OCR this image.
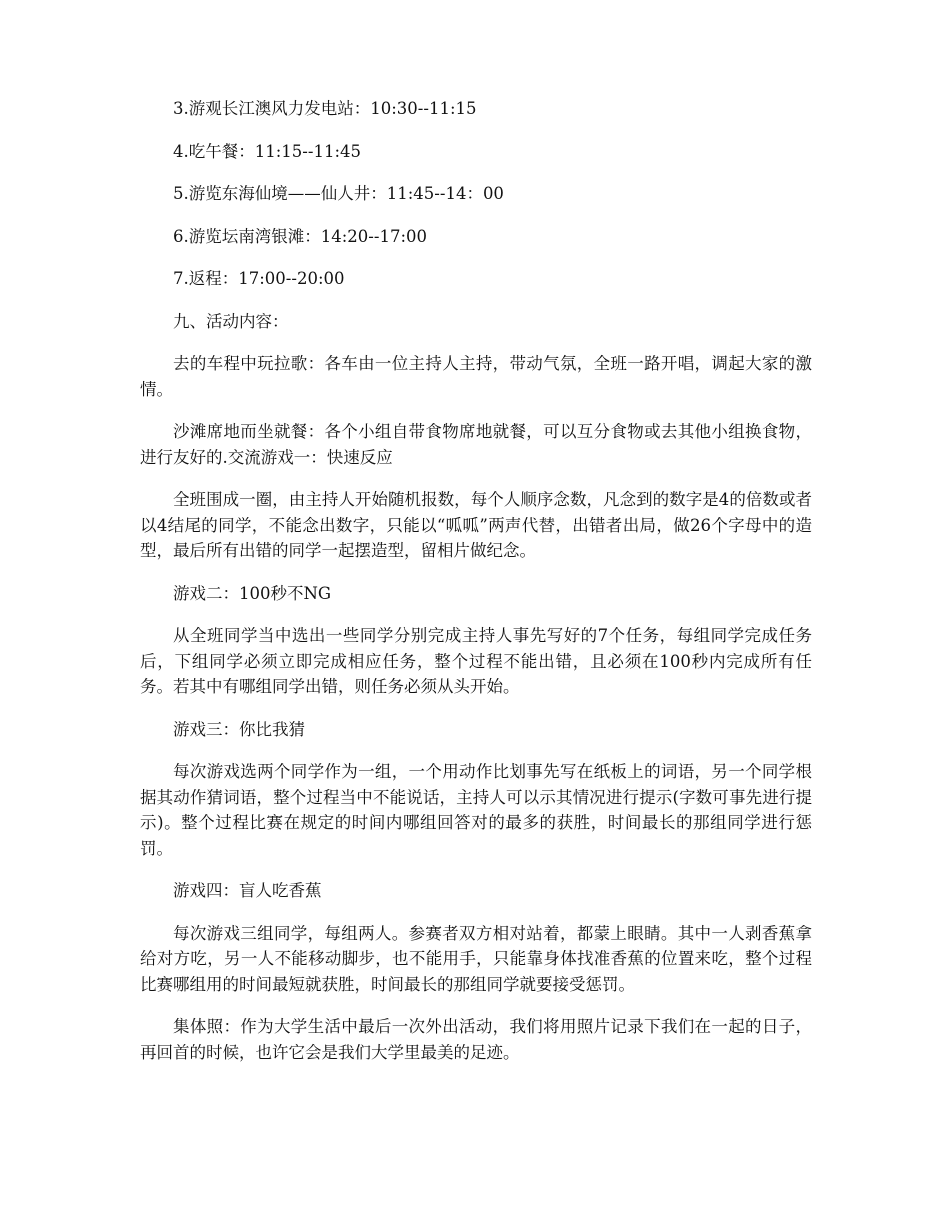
3.游观长江澳风力发电站：10:30--11:15

4.吃午餐：11:15--11:45

5.游览东海仙境——仙人井：11:45--14：00

6.游览坛南湾银滩：14:20--17:00

7.返程：17:00--20:00

九、活动内容：

去的车程中玩拉歌：各车由一位主持人主持，带动气氛，全班一路开唱，调起大家的激情。

沙滩席地而坐就餐：各个小组自带食物席地就餐，可以互分食物或去其他小组换食物，进行友好的.交流游戏一：快速反应

全班围成一圈，由主持人开始随机报数，每个人顺序念数，凡念到的数字是4的倍数或者以4结尾的同学，不能念出数字，只能以“呱呱”两声代替，出错者出局，做26个字母中的造型，最后所有出错的同学一起摆造型，留相片做纪念。

游戏二：100秒不NG

从全班同学当中选出一些同学分别完成主持人事先写好的7个任务，每组同学完成任务后，下组同学必须立即完成相应任务，整个过程不能出错，且必须在100秒内完成所有任务。若其中有哪组同学出错，则任务必须从头开始。

游戏三：你比我猜

每次游戏选两个同学作为一组，一个用动作比划事先写在纸板上的词语，另一个同学根据其动作猜词语，整个过程当中不能说话，主持人可以示其情况进行提示(字数可事先进行提示)。整个过程比赛在规定的时间内哪组回答对的最多的获胜，时间最长的那组同学进行惩罚。

游戏四：盲人吃香蕉

每次游戏三组同学，每组两人。参赛者双方相对站着，都蒙上眼睛。其中一人剥香蕉拿给对方吃，另一人不能移动脚步，也不能用手，只能靠身体找准香蕉的位置来吃，整个过程比赛哪组用的时间最短就获胜，时间最长的那组同学就要接受惩罚。

集体照：作为大学生活中最后一次外出活动，我们将用照片记录下我们在一起的日子，再回首的时候，也许它会是我们大学里最美的足迹。
